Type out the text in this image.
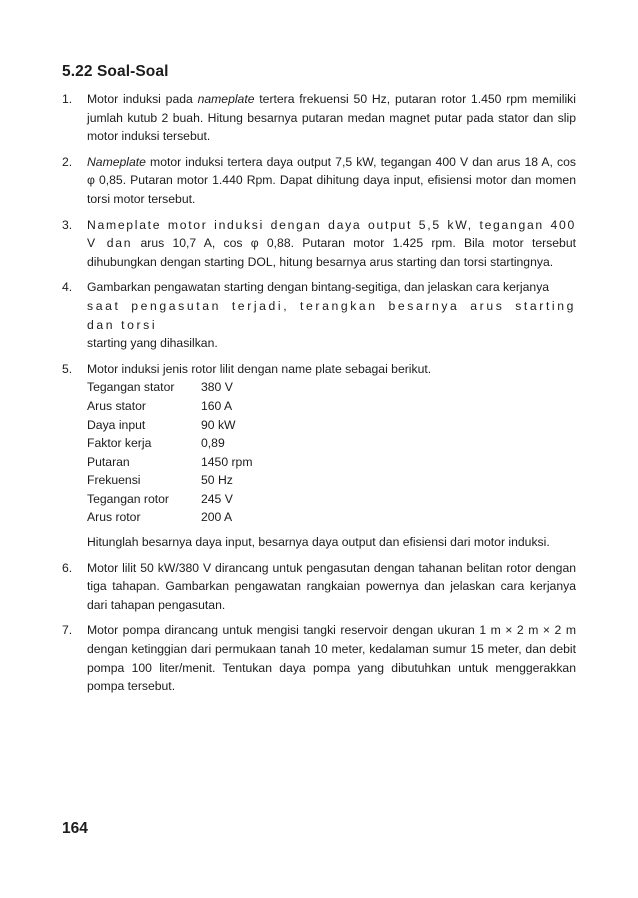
5.22 Soal-Soal
1. Motor induksi pada nameplate tertera frekuensi 50 Hz, putaran rotor 1.450 rpm memiliki jumlah kutub 2 buah. Hitung besarnya putaran medan magnet putar pada stator dan slip motor induksi tersebut.

2. Nameplate motor induksi tertera daya output 7,5 kW, tegangan 400 V dan arus 18 A, cos φ 0,85. Putaran motor 1.440 Rpm. Dapat dihitung daya input, efisiensi motor dan momen torsi motor tersebut.

3. Nameplate motor induksi dengan daya output 5,5 kW, tegangan 400 V dan arus 10,7 A, cos φ 0,88. Putaran motor 1.425 rpm. Bila motor tersebut dihubungkan dengan starting DOL, hitung besarnya arus starting dan torsi startingnya.

4. Gambarkan pengawatan starting dengan bintang-segitiga, dan jelaskan cara kerjanya
saat pengasutan terjadi, terangkan besarnya arus starting dan torsi
starting yang dihasilkan.

5. Motor induksi jenis rotor lilit dengan name plate sebagai berikut.

Tegangan stator	380 V
Arus stator	160 A
Daya input	90 kW
Faktor kerja	0,89
Putaran	1450 rpm
Frekuensi	50 Hz
Tegangan rotor	245 V
Arus rotor	200 A

Hitunglah besarnya daya input, besarnya daya output dan efisiensi dari motor induksi.

6. Motor lilit 50 kW/380 V dirancang untuk pengasutan dengan tahanan belitan rotor dengan tiga tahapan. Gambarkan pengawatan rangkaian powernya dan jelaskan cara kerjanya dari tahapan pengasutan.

7. Motor pompa dirancang untuk mengisi tangki reservoir dengan ukuran 1 m × 2 m × 2 m dengan ketinggian dari permukaan tanah 10 meter, kedalaman sumur 15 meter, dan debit pompa 100 liter/menit. Tentukan daya pompa yang dibutuhkan untuk menggerakkan pompa tersebut.

164
